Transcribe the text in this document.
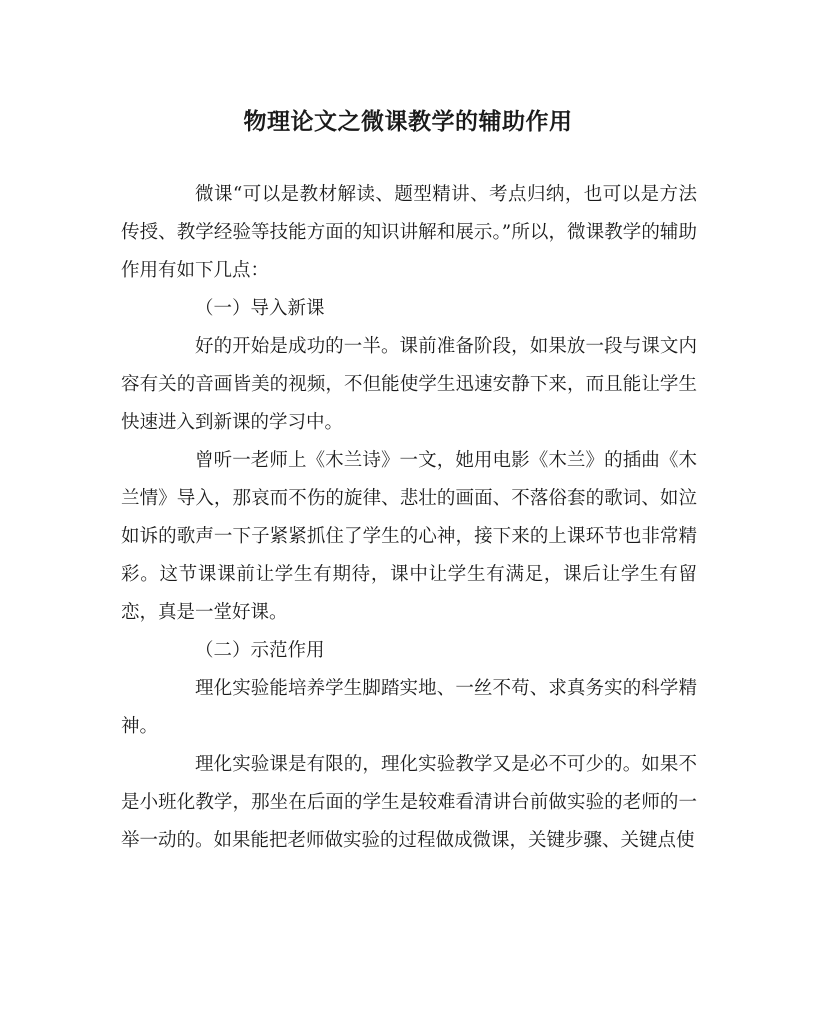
物理论文之微课教学的辅助作用

微课“可以是教材解读、题型精讲、考点归纳，也可以是方法传授、教学经验等技能方面的知识讲解和展示。”所以，微课教学的辅助作用有如下几点：

（一）导入新课

好的开始是成功的一半。课前准备阶段，如果放一段与课文内容有关的音画皆美的视频，不但能使学生迅速安静下来，而且能让学生快速进入到新课的学习中。

曾听一老师上《木兰诗》一文，她用电影《木兰》的插曲《木兰情》导入，那哀而不伤的旋律、悲壮的画面、不落俗套的歌词、如泣如诉的歌声一下子紧紧抓住了学生的心神，接下来的上课环节也非常精彩。这节课课前让学生有期待，课中让学生有满足，课后让学生有留恋，真是一堂好课。

（二）示范作用

理化实验能培养学生脚踏实地、一丝不苟、求真务实的科学精神。

理化实验课是有限的，理化实验教学又是必不可少的。如果不是小班化教学，那坐在后面的学生是较难看清讲台前做实验的老师的一举一动的。如果能把老师做实验的过程做成微课，关键步骤、关键点使
